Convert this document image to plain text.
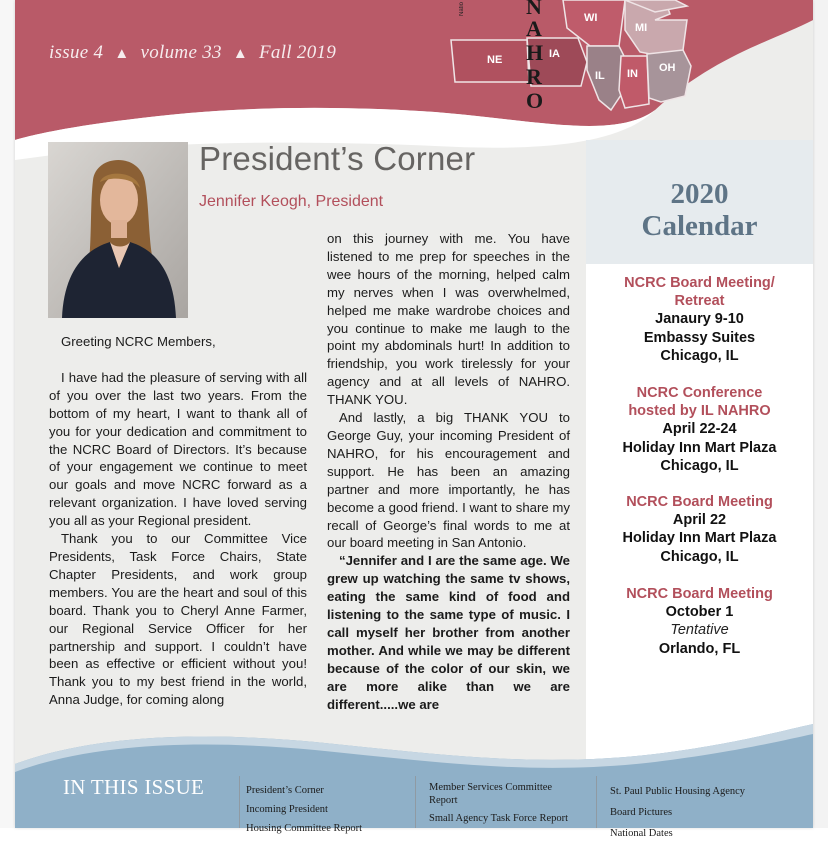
issue 4 ▲ volume 33 ▲ Fall 2019
Natio	N
A
H
R
O
NE	IA
WI
MI
IL IN OH
President’s Corner
Jennifer Keogh, President

Greeting NCRC Members,

I have had the pleasure of serving with all of you over the last two years. From the bottom of my heart, I want to thank all of you for your dedication and commitment to the NCRC Board of Directors. It’s because of your engagement we continue to meet our goals and move NCRC forward as a relevant organization. I have loved serving you all as your Regional president.

Thank you to our Committee Vice Presidents, Task Force Chairs, State Chapter Presidents, and work group members. You are the heart and soul of this board. Thank you to Cheryl Anne Farmer, our Regional Service Officer for her partnership and support. I couldn’t have been as effective or efficient without you! Thank you to my best friend in the world, Anna Judge, for coming along

on this journey with me. You have listened to me prep for speeches in the wee hours of the morning, helped calm my nerves when I was overwhelmed, helped me make wardrobe choices and you continue to make me laugh to the point my abdominals hurt! In addition to friendship, you work tirelessly for your agency and at all levels of NAHRO. THANK YOU.

And lastly, a big THANK YOU to George Guy, your incoming President of NAHRO, for his encouragement and support. He has been an amazing partner and more importantly, he has become a good friend. I want to share my recall of George’s final words to me at our board meeting in San Antonio.

“Jennifer and I are the same age. We grew up watching the same tv shows, eating the same kind of food and listening to the same type of music. I call myself her brother from another mother. And while we may be different because of the color of our skin, we are more alike than we are different.....we are

2020
Calendar
NCRC Board Meeting/
Retreat
Janaury 9-10
Embassy Suites
Chicago, IL
NCRC Conference
hosted by IL NAHRO
April 22-24
Holiday Inn Mart Plaza
Chicago, IL
NCRC Board Meeting
April 22
Holiday Inn Mart Plaza
Chicago, IL
NCRC Board Meeting
October 1
Tentative
Orlando, FL
IN THIS ISSUE	President’s Corner
Incoming President
Housing Committee Report
Member Services Committee
Report
Small Agency Task Force Report
St. Paul Public Housing Agency
Board Pictures
National Dates
